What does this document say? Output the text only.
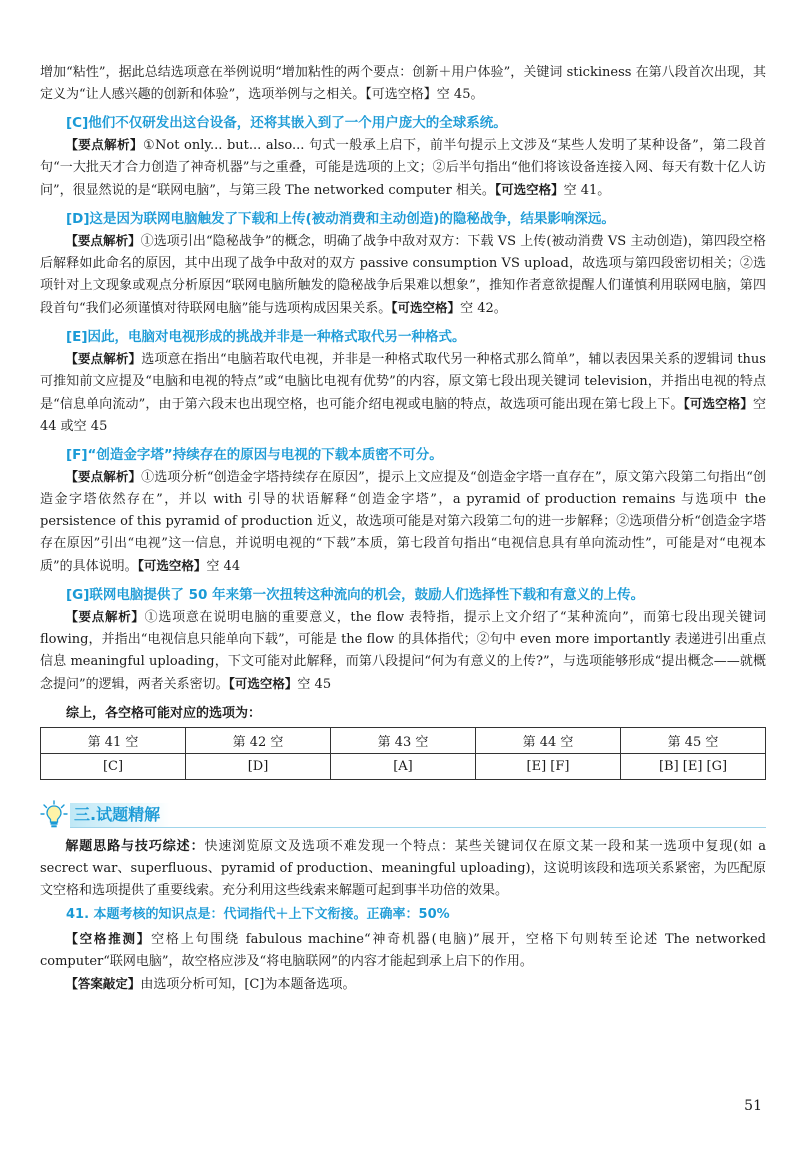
增加“粘性”，据此总结选项意在举例说明“增加粘性的两个要点：创新＋用户体验”，关键词 stickiness 在第八段首次出现，其定义为“让人感兴趣的创新和体验”，选项举例与之相关。【可选空格】空 45。

[C]他们不仅研发出这台设备，还将其嵌入到了一个用户庞大的全球系统。

【要点解析】①Not only... but... also... 句式一般承上启下，前半句提示上文涉及“某些人发明了某种设备”，第二段首句“一大批天才合力创造了神奇机器”与之重叠，可能是选项的上文；②后半句指出“他们将该设备连接入网、每天有数十亿人访问”，很显然说的是“联网电脑”，与第三段 The networked computer 相关。【可选空格】空 41。

[D]这是因为联网电脑触发了下载和上传(被动消费和主动创造)的隐秘战争，结果影响深远。

【要点解析】①选项引出“隐秘战争”的概念，明确了战争中敌对双方：下载 VS 上传(被动消费 VS 主动创造)，第四段空格后解释如此命名的原因，其中出现了战争中敌对的双方 passive consumption VS upload，故选项与第四段密切相关；②选项针对上文现象或观点分析原因“联网电脑所触发的隐秘战争后果难以想象”，推知作者意欲提醒人们谨慎利用联网电脑，第四段首句“我们必须谨慎对待联网电脑”能与选项构成因果关系。【可选空格】空 42。

[E]因此，电脑对电视形成的挑战并非是一种格式取代另一种格式。

【要点解析】选项意在指出“电脑若取代电视，并非是一种格式取代另一种格式那么简单”，辅以表因果关系的逻辑词 thus 可推知前文应提及“电脑和电视的特点”或“电脑比电视有优势”的内容，原文第七段出现关键词 television，并指出电视的特点是“信息单向流动”，由于第六段末也出现空格，也可能介绍电视或电脑的特点，故选项可能出现在第七段上下。【可选空格】空 44 或空 45

[F]“创造金字塔”持续存在的原因与电视的下载本质密不可分。

【要点解析】①选项分析“创造金字塔持续存在原因”，提示上文应提及“创造金字塔一直存在”，原文第六段第二句指出“创造金字塔依然存在”，并以 with 引导的状语解释“创造金字塔”，a pyramid of production remains 与选项中 the persistence of this pyramid of production 近义，故选项可能是对第六段第二句的进一步解释；②选项借分析“创造金字塔存在原因”引出“电视”这一信息，并说明电视的“下载”本质，第七段首句指出“电视信息具有单向流动性”，可能是对“电视本质”的具体说明。【可选空格】空 44

[G]联网电脑提供了 50 年来第一次扭转这种流向的机会，鼓励人们选择性下载和有意义的上传。

【要点解析】①选项意在说明电脑的重要意义，the flow 表特指，提示上文介绍了“某种流向”，而第七段出现关键词 flowing，并指出“电视信息只能单向下载”，可能是 the flow 的具体指代；②句中 even more importantly 表递进引出重点信息 meaningful uploading，下文可能对此解释，而第八段提问“何为有意义的上传?”，与选项能够形成“提出概念——就概念提问”的逻辑，两者关系密切。【可选空格】空 45

综上，各空格可能对应的选项为：
第 41 空	第 42 空	第 43 空	第 44 空	第 45 空
[C]	[D]	[A]	[E] [F]	[B] [E] [G]
三.试题精解

解题思路与技巧综述：快速浏览原文及选项不难发现一个特点：某些关键词仅在原文某一段和某一选项中复现(如 a secrect war、superfluous、pyramid of production、meaningful uploading)，这说明该段和选项关系紧密，为匹配原文空格和选项提供了重要线索。充分利用这些线索来解题可起到事半功倍的效果。

41. 本题考核的知识点是：代词指代＋上下文衔接。正确率：50%

【空格推测】空格上句围绕 fabulous machine“神奇机器(电脑)”展开，空格下句则转至论述 The networked computer“联网电脑”，故空格应涉及“将电脑联网”的内容才能起到承上启下的作用。

【答案敲定】由选项分析可知，[C]为本题备选项。

51
